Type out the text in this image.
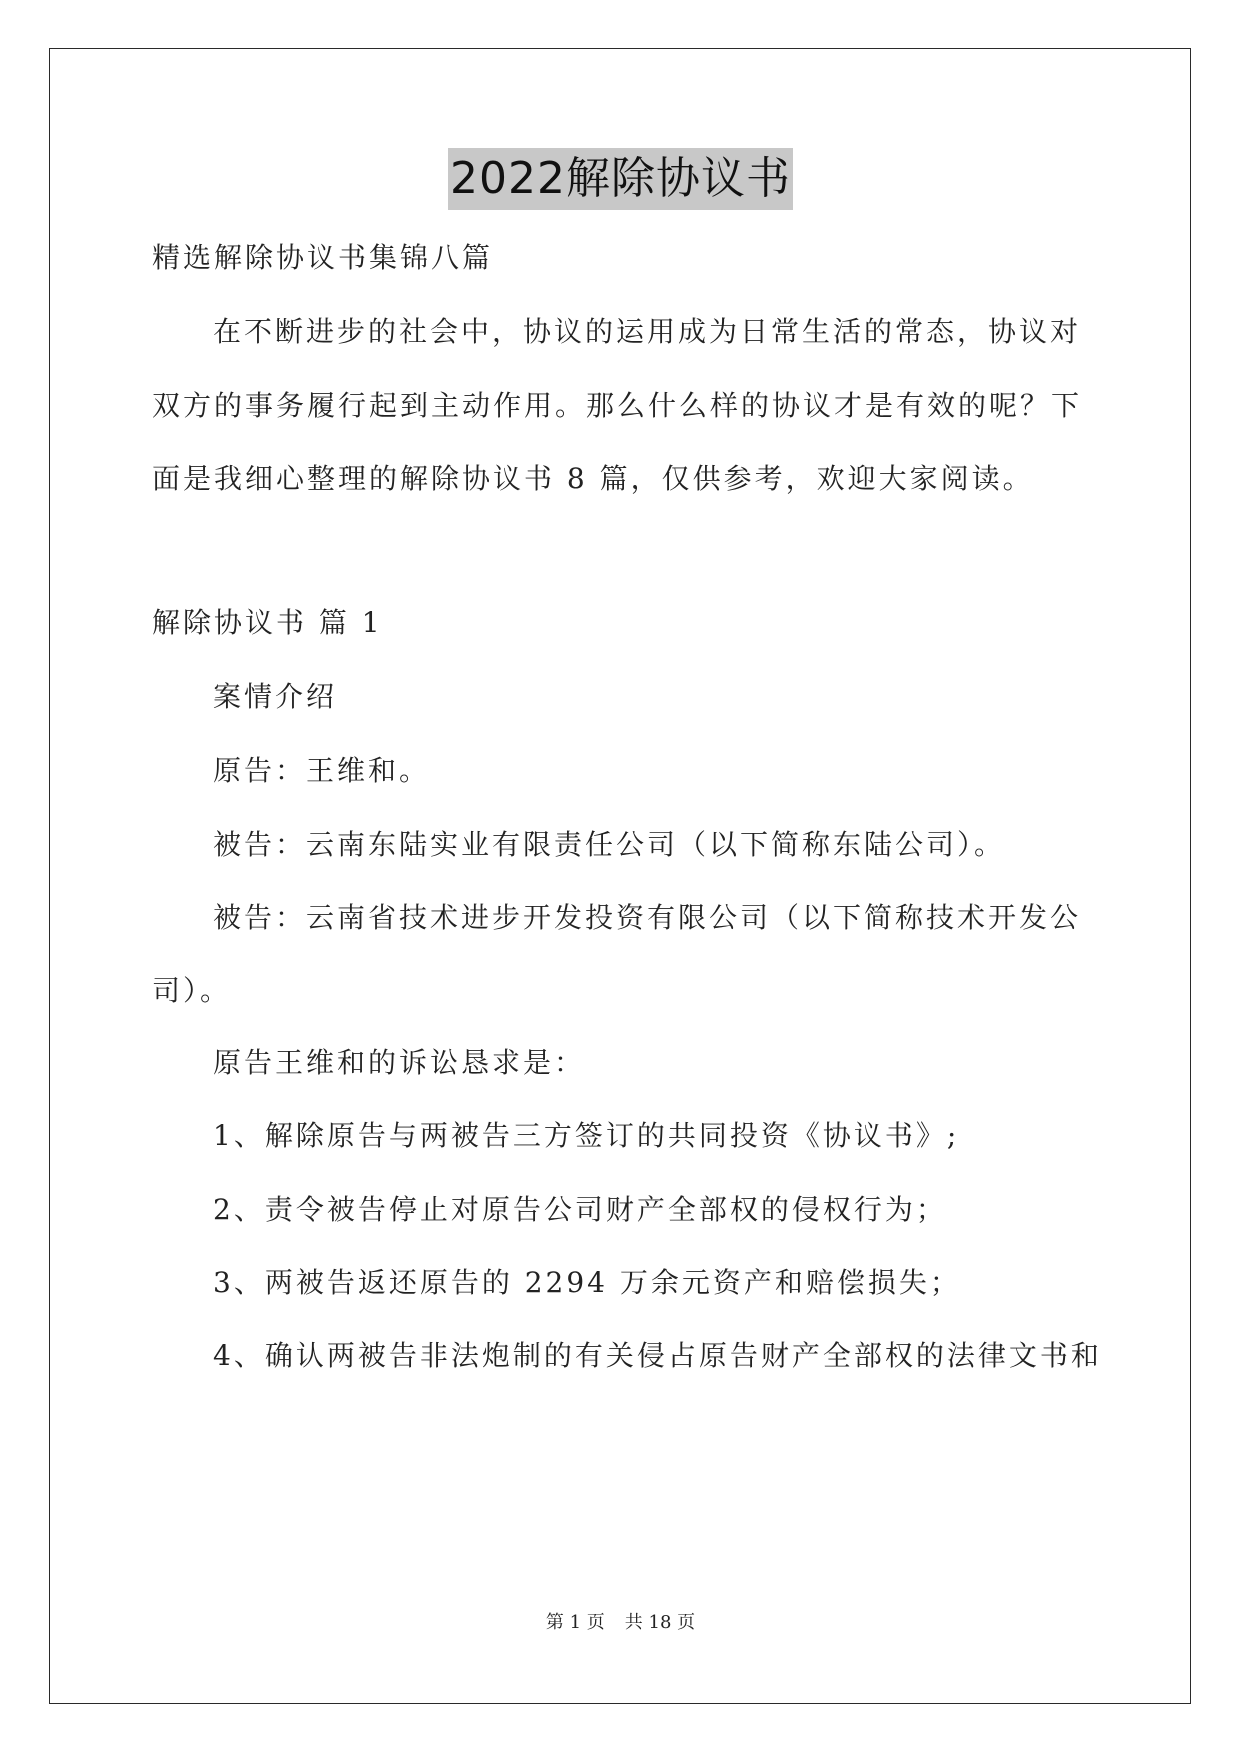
2022解除协议书
精选解除协议书集锦八篇
在不断进步的社会中，协议的运用成为日常生活的常态，协议对
双方的事务履行起到主动作用。那么什么样的协议才是有效的呢？下
面是我细心整理的解除协议书 8 篇，仅供参考，欢迎大家阅读。
解除协议书 篇 1
案情介绍
原告：王维和。
被告：云南东陆实业有限责任公司（以下简称东陆公司）。
被告：云南省技术进步开发投资有限公司（以下简称技术开发公
司）。
原告王维和的诉讼恳求是：
1、解除原告与两被告三方签订的共同投资《协议书》;
2、责令被告停止对原告公司财产全部权的侵权行为；
3、两被告返还原告的 2294 万余元资产和赔偿损失；
4、确认两被告非法炮制的有关侵占原告财产全部权的法律文书和
第 1 页 共 18 页
